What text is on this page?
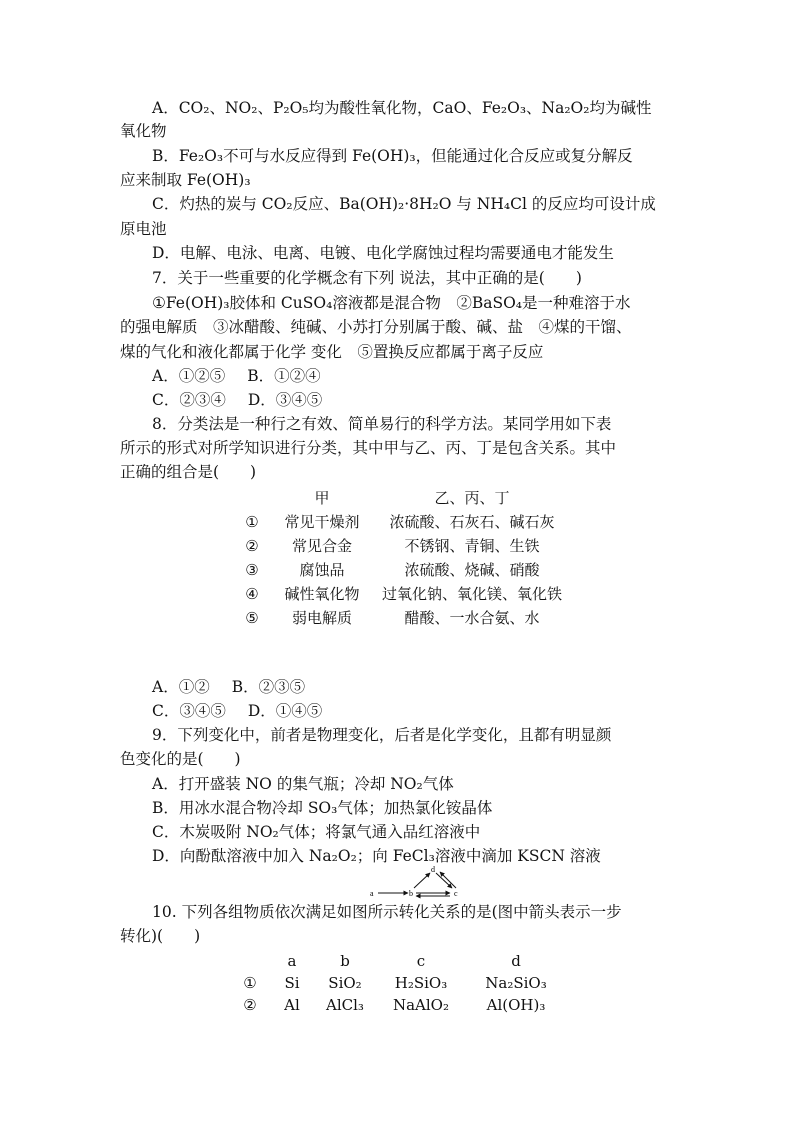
A．CO₂、NO₂、P₂O₅均为酸性氧化物，CaO、Fe₂O₃、Na₂O₂均为碱性
氧化物
B．Fe₂O₃不可与水反应得到 Fe(OH)₃，但能通过化合反应或复分解反
应来制取 Fe(OH)₃
C．灼热的炭与 CO₂反应、Ba(OH)₂·8H₂O 与 NH₄Cl 的反应均可设计成
原电池
D．电解、电泳、电离、电镀、电化学腐蚀过程均需要通电才能发生
7．关于一些重要的化学概念有下列 说法，其中正确的是(　　)
①Fe(OH)₃胶体和 CuSO₄溶液都是混合物　②BaSO₄是一种难溶于水
的强电解质　③冰醋酸、纯碱、小苏打分别属于酸、碱、盐　④煤的干馏、
煤的气化和液化都属于化学 变化　⑤置换反应都属于离子反应
A．①②⑤ B．①②④
C．②③④ D．③④⑤
8．分类法是一种行之有效、简单易行的科学方法。某同学用如下表
所示的形式对所学知识进行分类，其中甲与乙、丙、丁是包含关系。其中
正确的组合是(　　)
	甲	乙、丙、丁
①	常见干燥剂	浓硫酸、石灰石、碱石灰
②	常见合金	不锈钢、青铜、生铁
③	腐蚀品	浓硫酸、烧碱、硝酸
④	碱性氧化物	过氧化钠、氧化镁、氧化铁
⑤	弱电解质	醋酸、一水合氨、水
A．①② B．②③⑤
C．③④⑤ D．①④⑤
9．下列变化中，前者是物理变化，后者是化学变化，且都有明显颜
色变化的是(　　)
A．打开盛装 NO 的集气瓶；冷却 NO₂气体
B．用冰水混合物冷却 SO₃气体；加热氯化铵晶体
C．木炭吸附 NO₂气体；将氯气通入品红溶液中
D．向酚酞溶液中加入 Na₂O₂；向 FeCl₃溶液中滴加 KSCN 溶液
a	b	c
d
10. 下列各组物质依次满足如图所示转化关系的是(图中箭头表示一步
转化)(　　)
	a	b	c	d
①	Si	SiO₂	H₂SiO₃	Na₂SiO₃
②	Al	AlCl₃	NaAlO₂	Al(OH)₃
